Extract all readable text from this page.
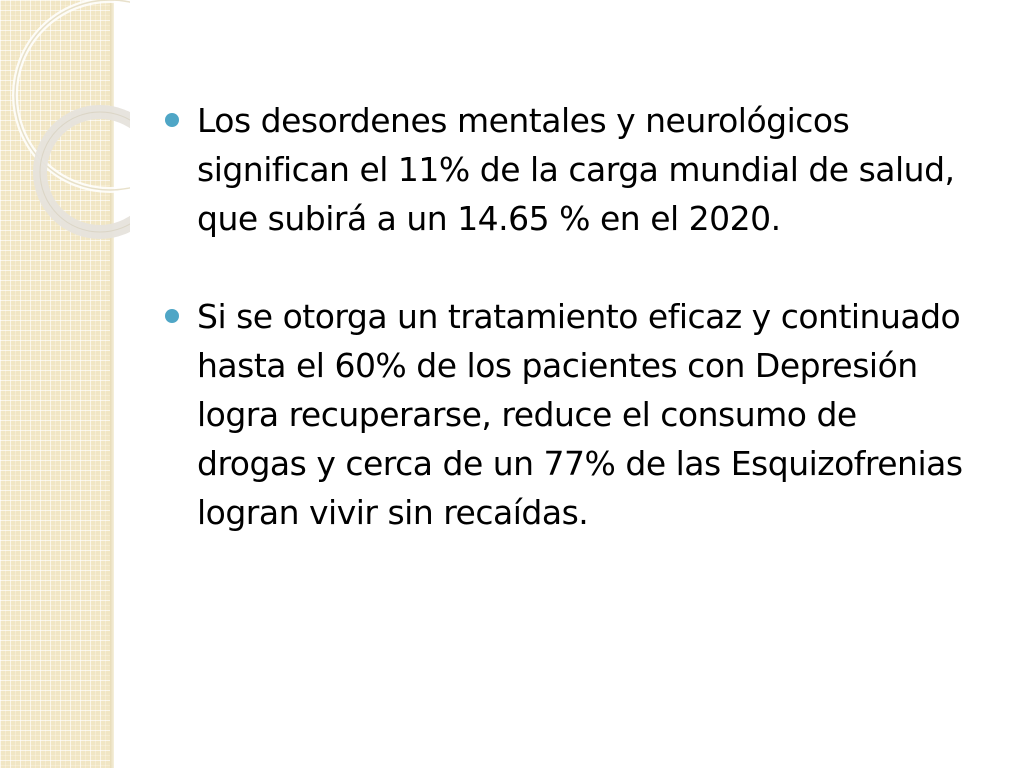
Los desordenes mentales y neurológicos significan el 11% de la carga mundial de salud, que subirá a un 14.65 % en el 2020.
Si se otorga un tratamiento eficaz y continuado hasta el 60% de los pacientes con Depresión logra recuperarse, reduce el consumo de drogas y cerca de un 77% de las Esquizofrenias logran vivir sin recaídas.
